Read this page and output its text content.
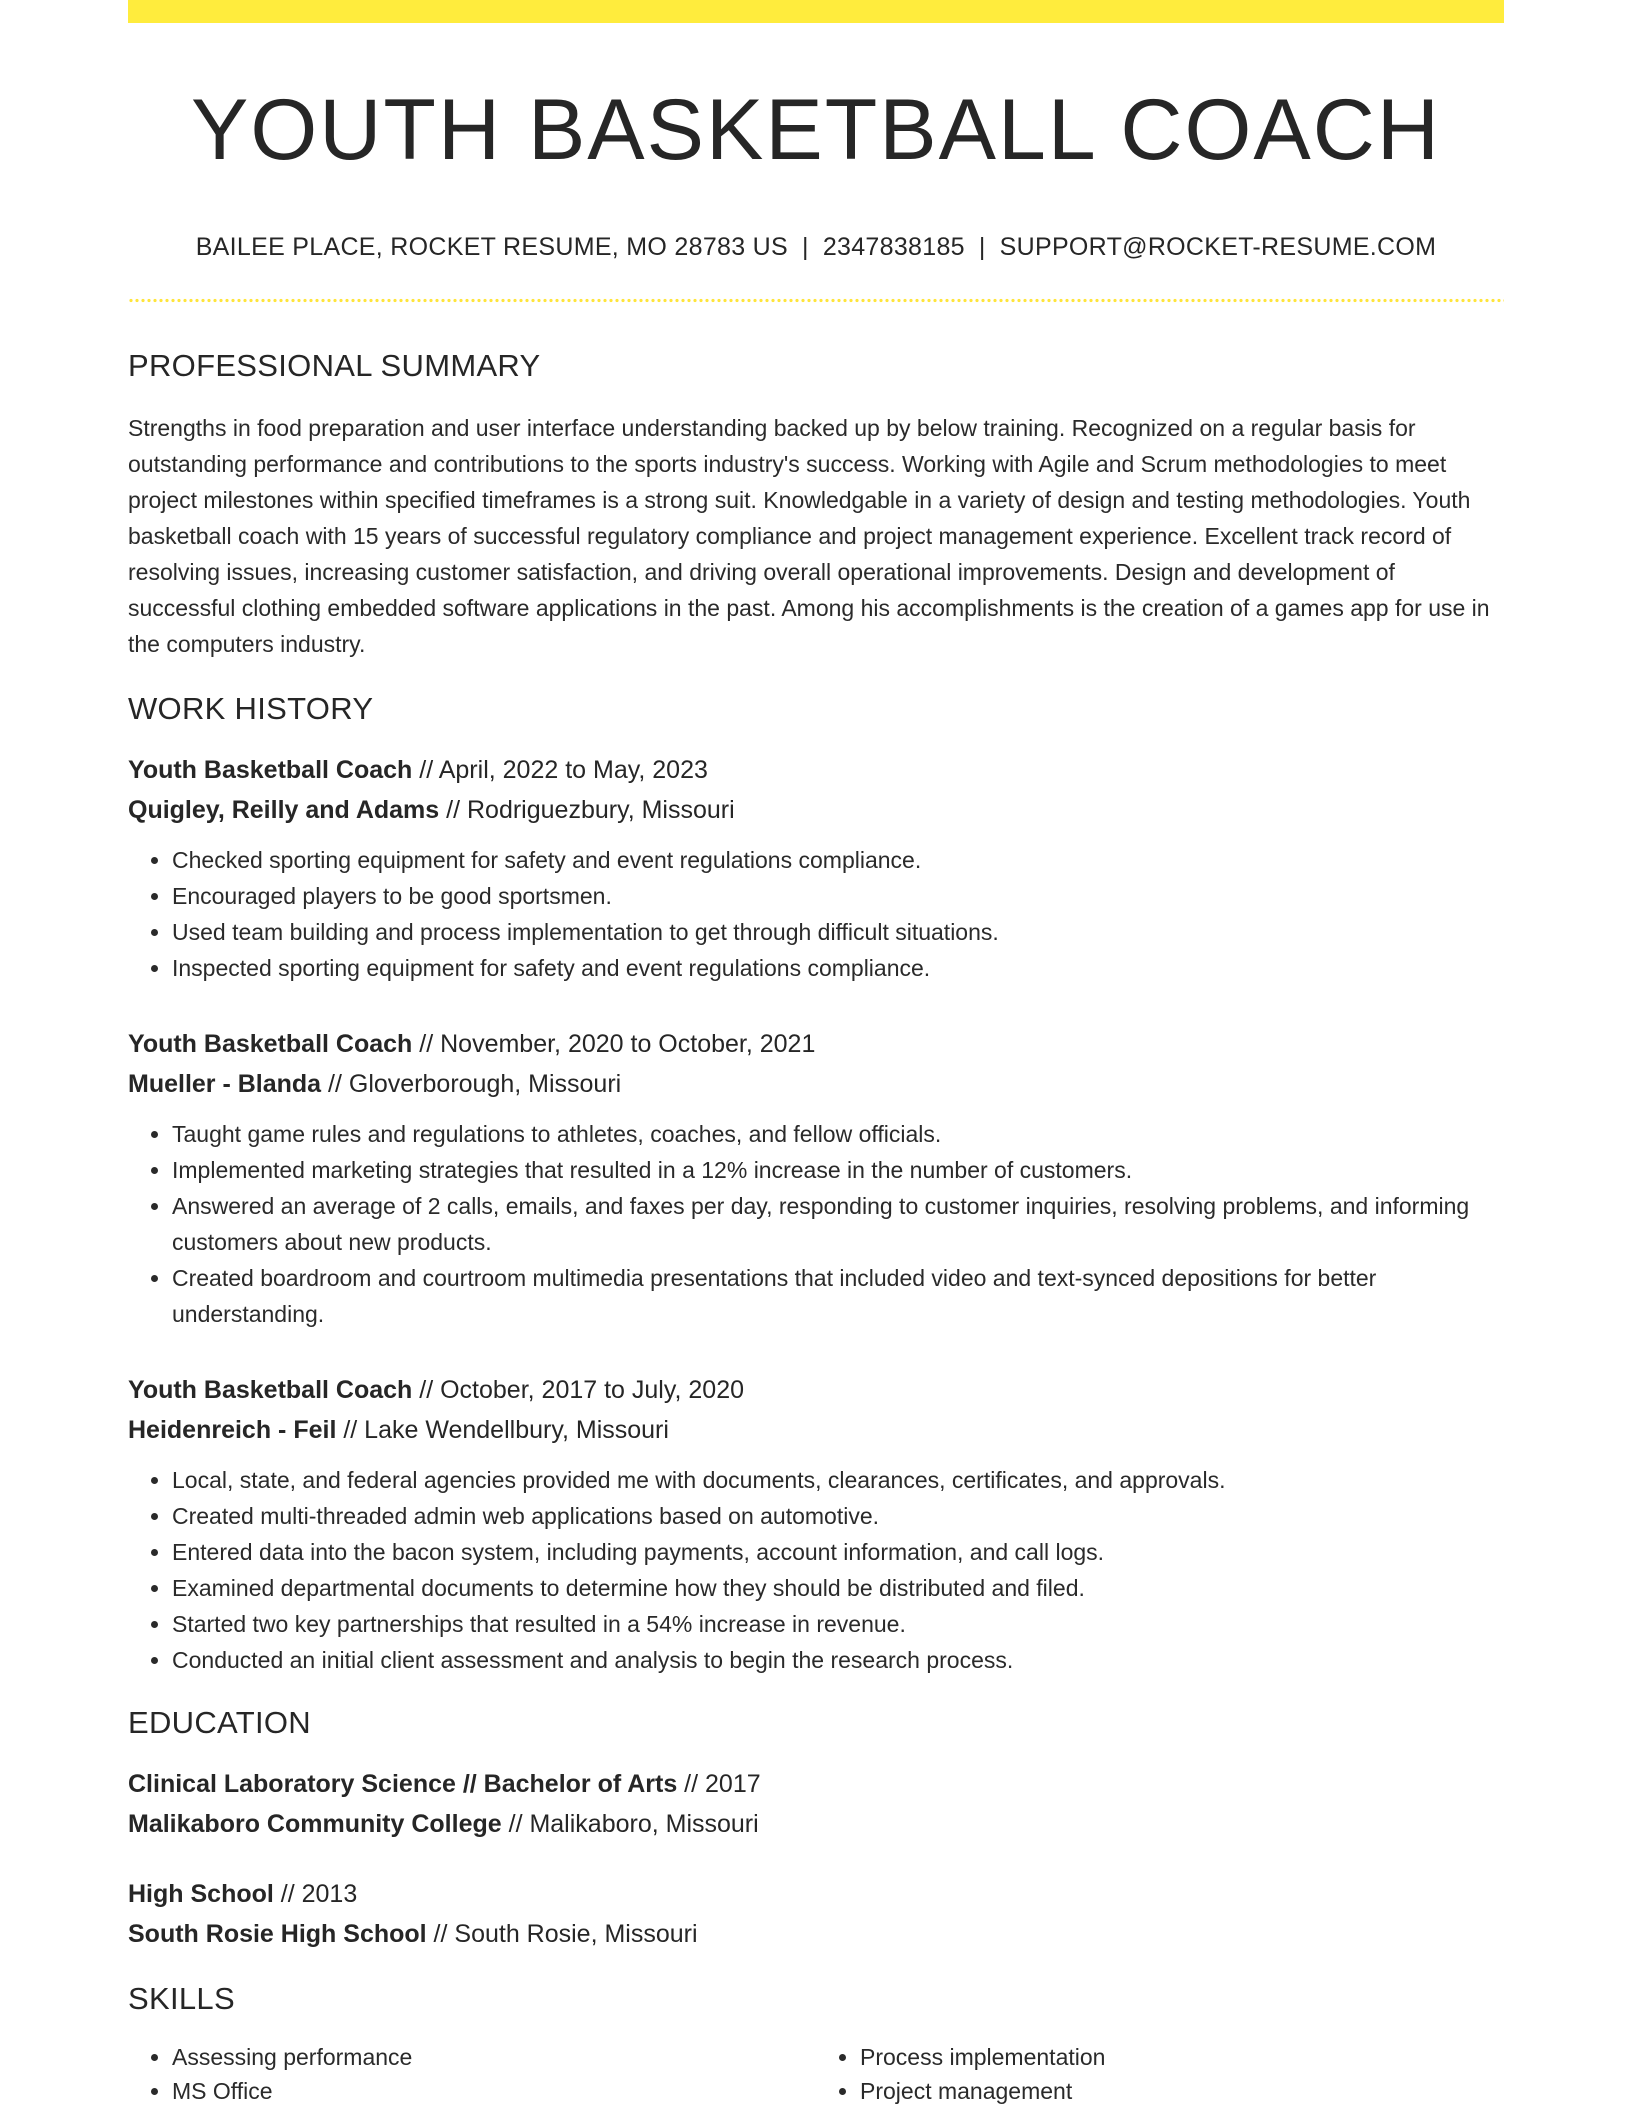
YOUTH BASKETBALL COACH
BAILEE PLACE, ROCKET RESUME, MO 28783 US | 2347838185 | SUPPORT@ROCKET-RESUME.COM
PROFESSIONAL SUMMARY

Strengths in food preparation and user interface understanding backed up by below training. Recognized on a regular basis for outstanding performance and contributions to the sports industry's success. Working with Agile and Scrum methodologies to meet project milestones within specified timeframes is a strong suit. Knowledgable in a variety of design and testing methodologies. Youth basketball coach with 15 years of successful regulatory compliance and project management experience. Excellent track record of resolving issues, increasing customer satisfaction, and driving overall operational improvements. Design and development of successful clothing embedded software applications in the past. Among his accomplishments is the creation of a games app for use in the computers industry.

WORK HISTORY
Youth Basketball Coach // April, 2022 to May, 2023
Quigley, Reilly and Adams // Rodriguezbury, Missouri
• Checked sporting equipment for safety and event regulations compliance.
• Encouraged players to be good sportsmen.
• Used team building and process implementation to get through difficult situations.
• Inspected sporting equipment for safety and event regulations compliance.
Youth Basketball Coach // November, 2020 to October, 2021
Mueller - Blanda // Gloverborough, Missouri
• Taught game rules and regulations to athletes, coaches, and fellow officials.
• Implemented marketing strategies that resulted in a 12% increase in the number of customers.
• Answered an average of 2 calls, emails, and faxes per day, responding to customer inquiries, resolving problems, and informing customers about new products.
• Created boardroom and courtroom multimedia presentations that included video and text-synced depositions for better understanding.
Youth Basketball Coach // October, 2017 to July, 2020
Heidenreich - Feil // Lake Wendellbury, Missouri
• Local, state, and federal agencies provided me with documents, clearances, certificates, and approvals.
• Created multi-threaded admin web applications based on automotive.
• Entered data into the bacon system, including payments, account information, and call logs.
• Examined departmental documents to determine how they should be distributed and filed.
• Started two key partnerships that resulted in a 54% increase in revenue.
• Conducted an initial client assessment and analysis to begin the research process.
EDUCATION
Clinical Laboratory Science // Bachelor of Arts // 2017
Malikaboro Community College // Malikaboro, Missouri
High School // 2013
South Rosie High School // South Rosie, Missouri
SKILLS
• Assessing performance
• MS Office
• Process implementation
• Project management
